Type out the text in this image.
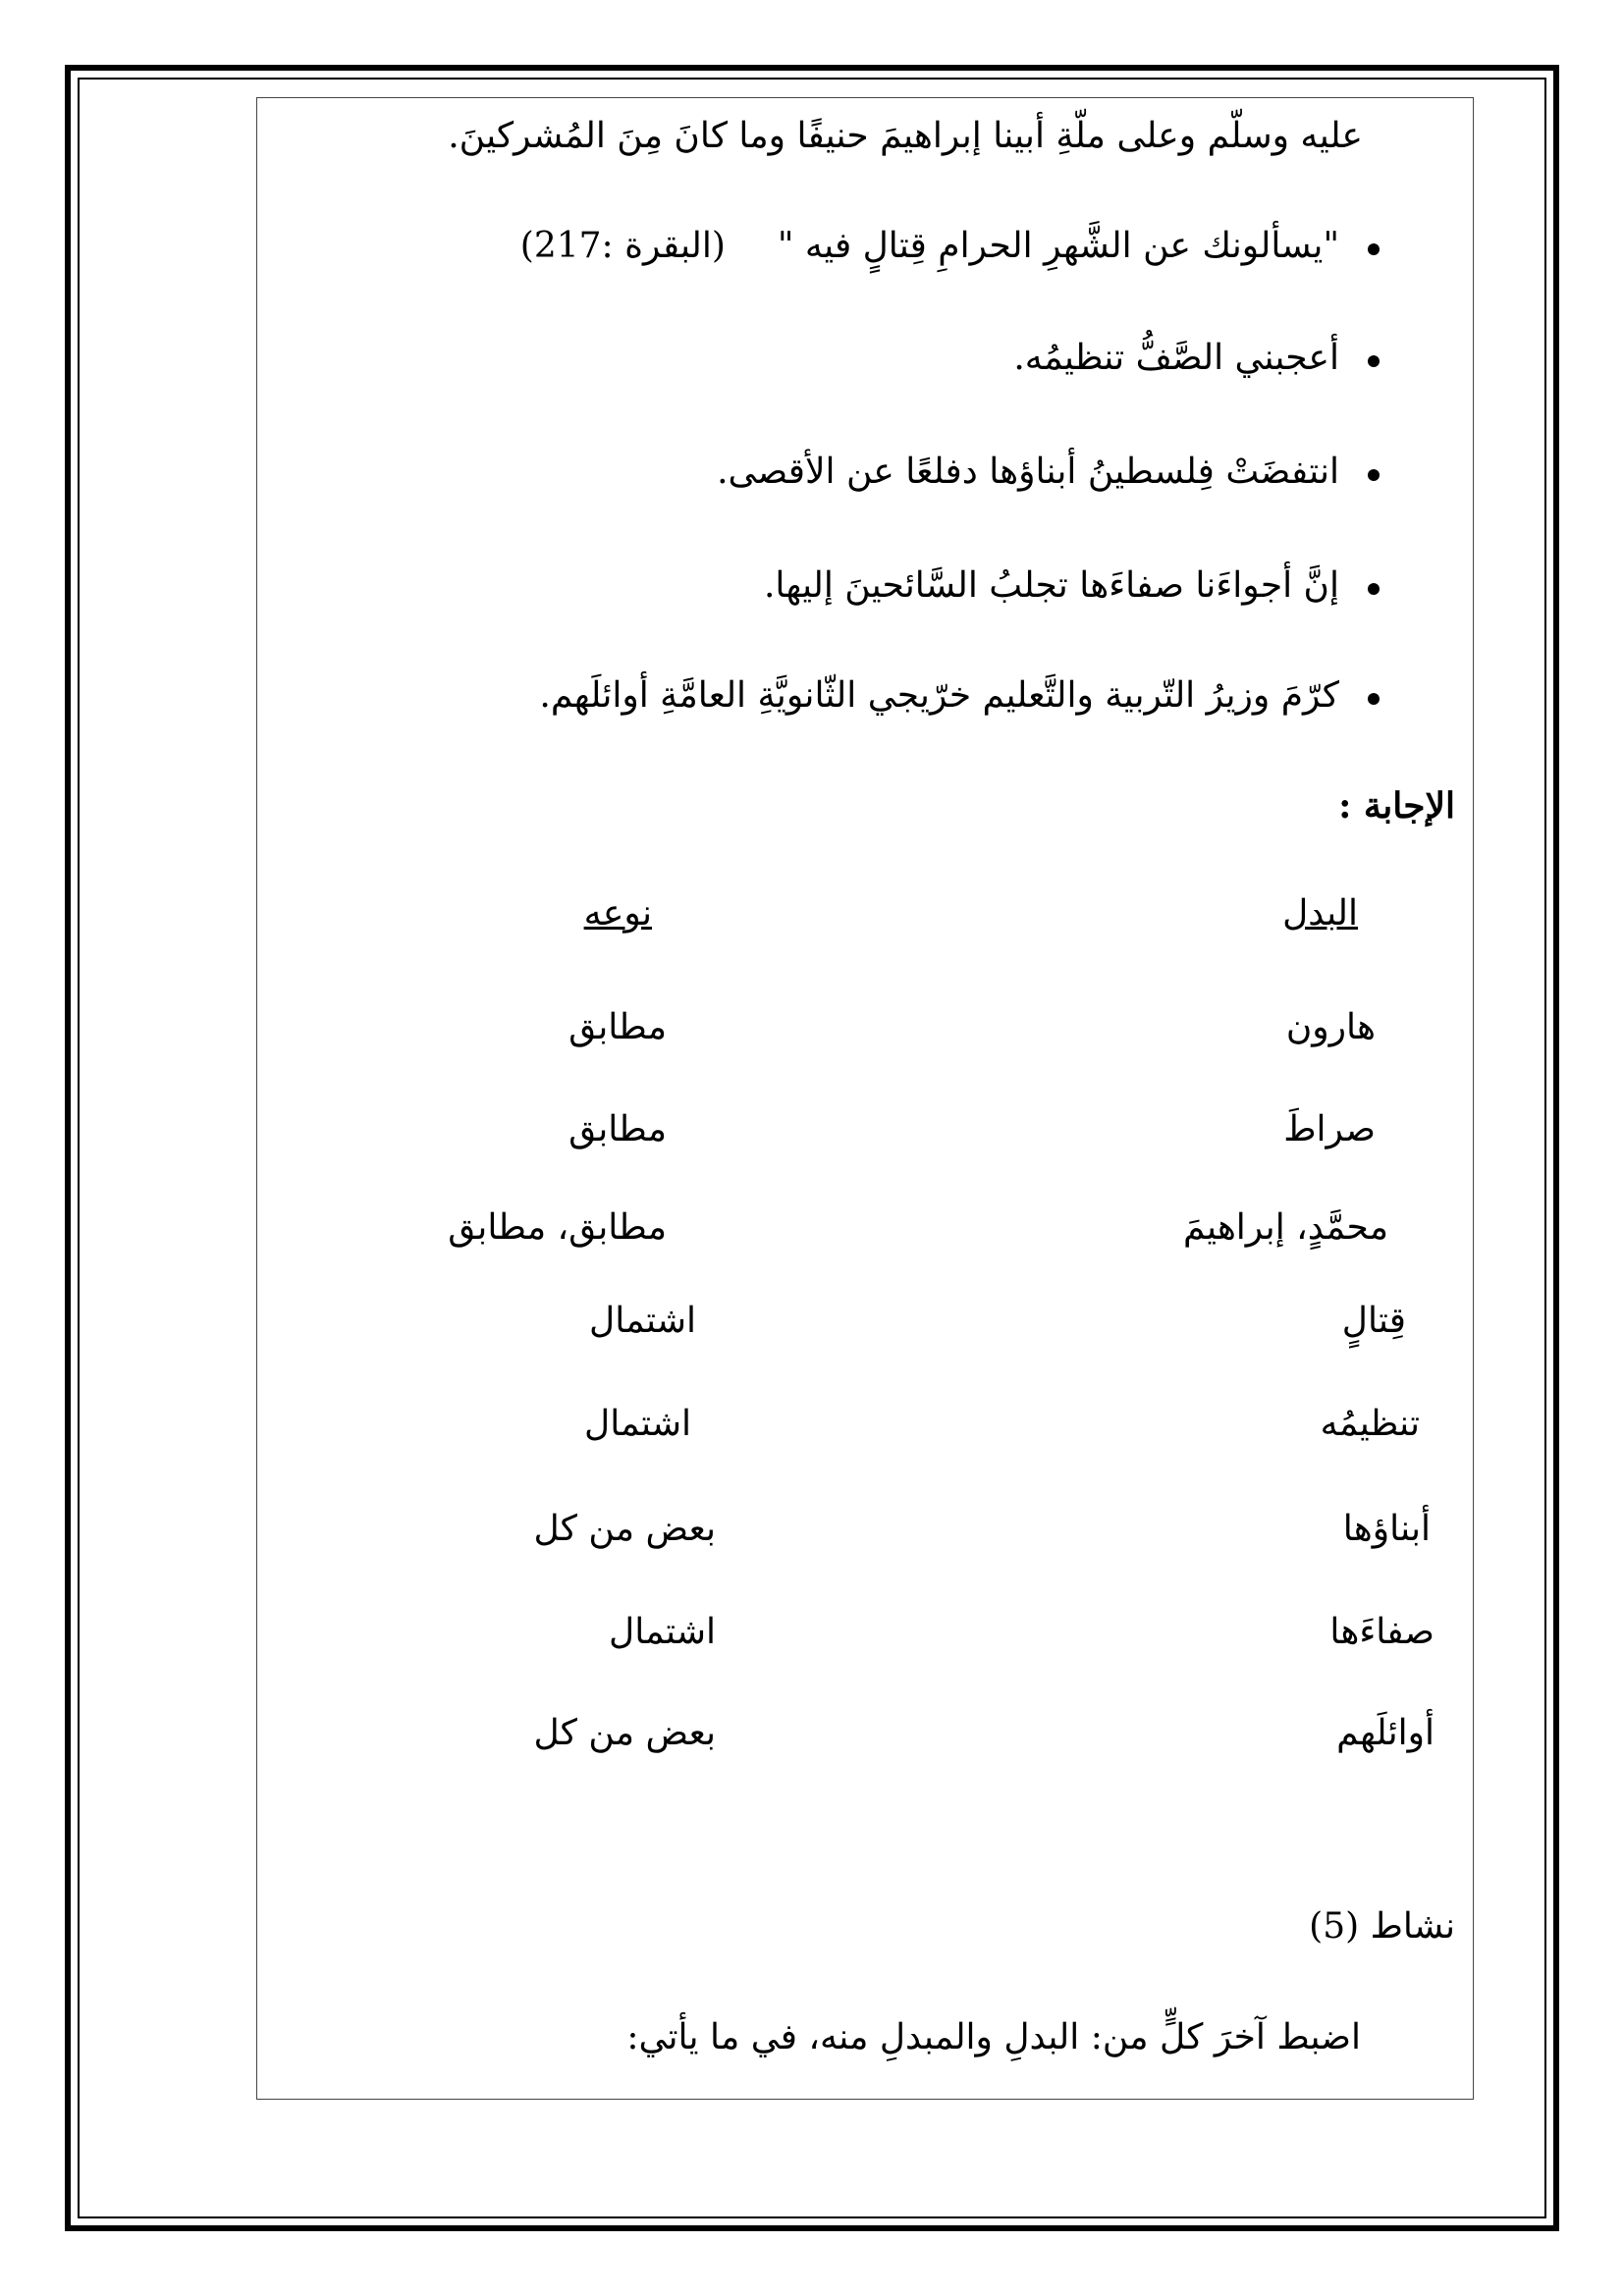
عليه وسلّم وعلى ملّةِ أبينا إبراهيمَ حنيفًا وما كانَ مِنَ المُشركينَ.
"يسألونك عن الشَّهرِ الحرامِ قِتالٍ فيه "  (البقرة :217)
أعجبني الصَّفُّ تنظيمُه.
انتفضَتْ فِلسطينُ أبناؤها دفلعًا عن الأقصى.
إنَّ أجواءَنا صفاءَها تجلبُ السَّائحينَ إليها.
كرّمَ وزيرُ التّربية والتَّعليم خرّيجي الثّانويَّةِ العامَّةِ أوائلَهم.
الإجابة :
البدل
نوعه
هارون
مطابق
صراطَ
مطابق
محمَّدٍ، إبراهيمَ
مطابق، مطابق
قِتالٍ
اشتمال
تنظيمُه
اشتمال
أبناؤها
بعض من كل
صفاءَها
اشتمال
أوائلَهم
بعض من كل
نشاط (5)
اضبط آخرَ كلٍّ من: البدلِ والمبدلِ منه، في ما يأتي:
